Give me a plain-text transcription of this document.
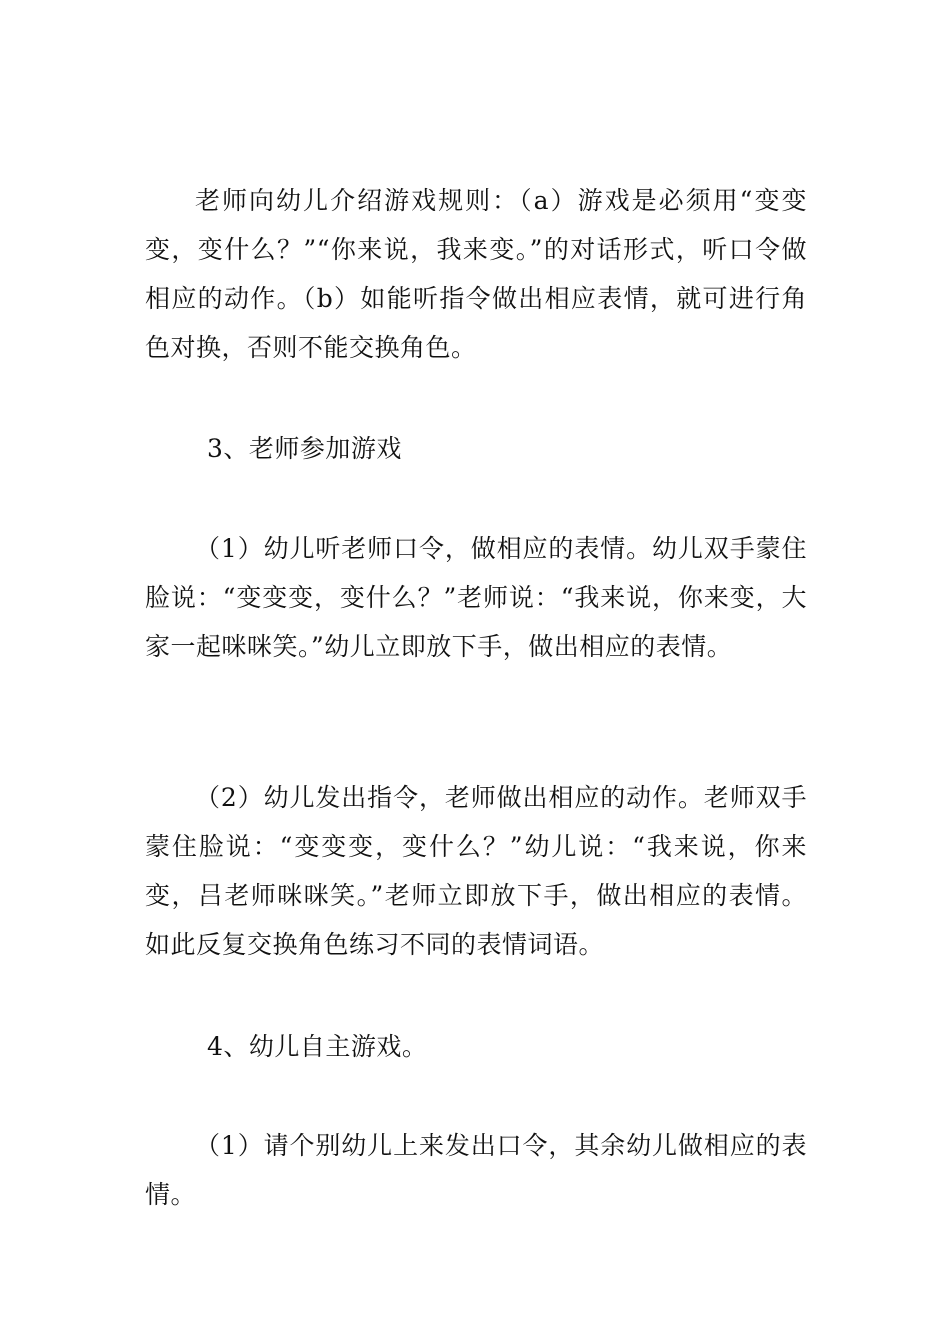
老师向幼儿介绍游戏规则：（a）游戏是必须用“变变变，变什么？”“你来说，我来变。”的对话形式，听口令做相应的动作。（b）如能听指令做出相应表情，就可进行角色对换，否则不能交换角色。

3、老师参加游戏

（1）幼儿听老师口令，做相应的表情。幼儿双手蒙住脸说：“变变变，变什么？”老师说：“我来说，你来变，大家一起咪咪笑。”幼儿立即放下手，做出相应的表情。

（2）幼儿发出指令，老师做出相应的动作。老师双手蒙住脸说：“变变变，变什么？”幼儿说：“我来说，你来变，吕老师咪咪笑。”老师立即放下手，做出相应的表情。如此反复交换角色练习不同的表情词语。

4、幼儿自主游戏。

（1）请个别幼儿上来发出口令，其余幼儿做相应的表情。
